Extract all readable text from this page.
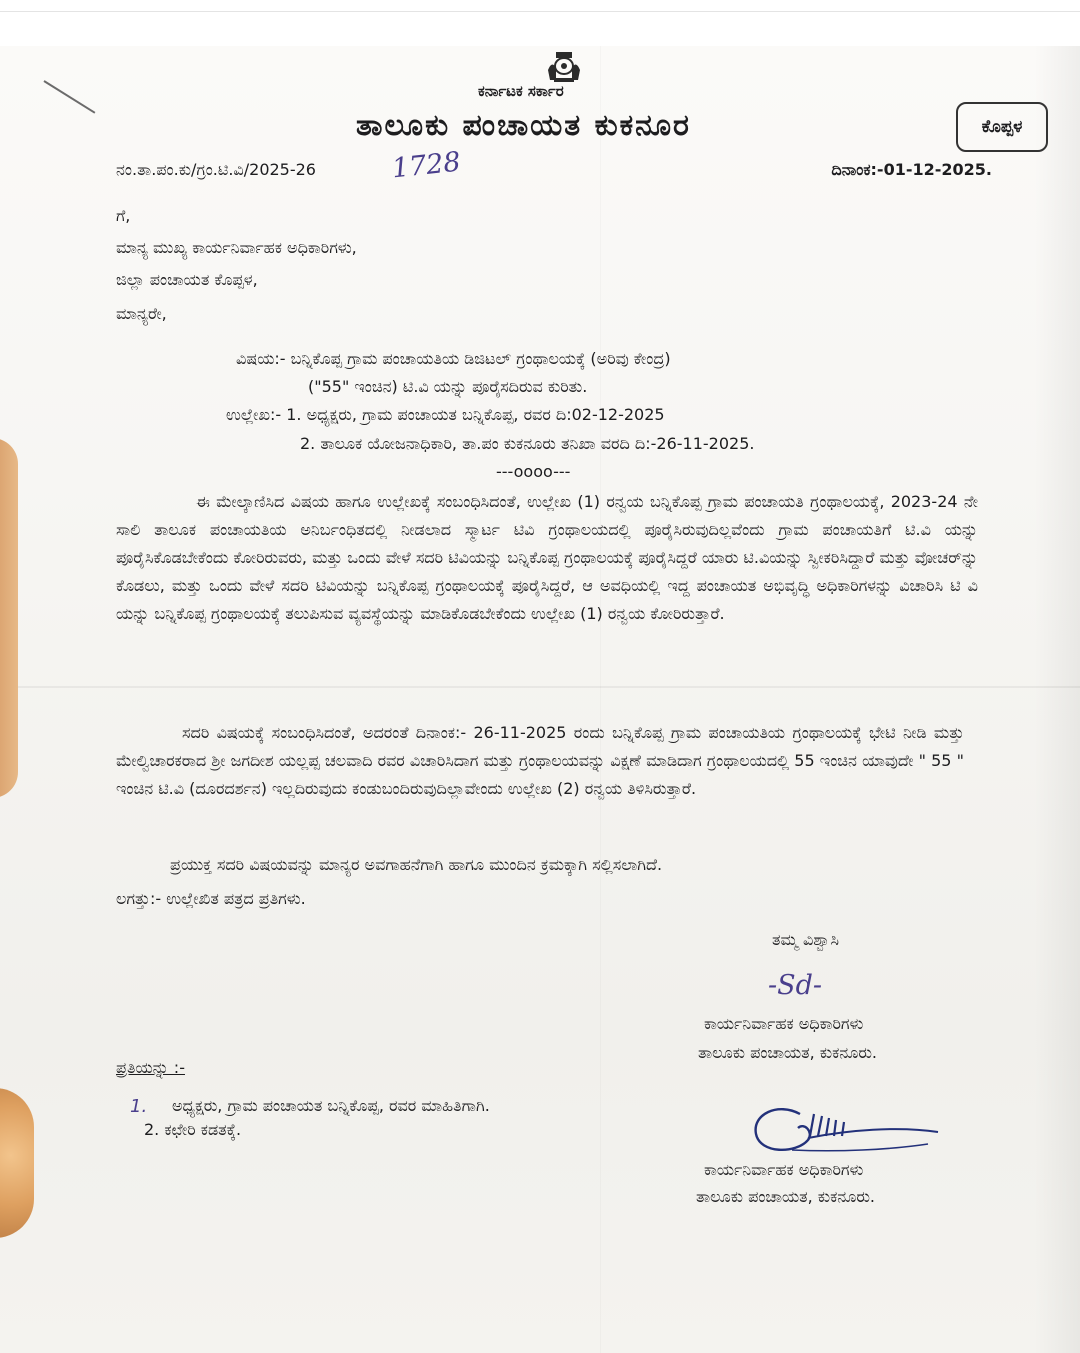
ಕರ್ನಾಟಕ ಸರ್ಕಾರ
ತಾಲೂಕು ಪಂಚಾಯತ ಕುಕನೂರ	ಕೊಪ್ಪಳ
ನಂ.ತಾ.ಪಂ.ಕು/ಗ್ರಂ.ಟಿ.ವಿ/2025-26	1728	ದಿನಾಂಕ:-01-12-2025.
ಗೆ,
ಮಾನ್ಯ ಮುಖ್ಯ ಕಾರ್ಯನಿರ್ವಾಹಕ ಅಧಿಕಾರಿಗಳು,
ಜಿಲ್ಲಾ ಪಂಚಾಯತ ಕೊಪ್ಪಳ,
ಮಾನ್ಯರೇ,
ವಿಷಯ:- ಬನ್ನಿಕೊಪ್ಪ ಗ್ರಾಮ ಪಂಚಾಯತಿಯ ಡಿಜಿಟಲ್ ಗ್ರಂಥಾಲಯಕ್ಕೆ (ಅರಿವು ಕೇಂದ್ರ)
("55" ಇಂಚಿನ) ಟಿ.ವಿ ಯನ್ನು ಪೂರೈಸದಿರುವ ಕುರಿತು.
ಉಲ್ಲೇಖ:- 1. ಅಧ್ಯಕ್ಷರು, ಗ್ರಾಮ ಪಂಚಾಯತ ಬನ್ನಿಕೊಪ್ಪ, ರವರ ದಿ:02-12-2025
2. ತಾಲೂಕ ಯೋಜನಾಧಿಕಾರಿ, ತಾ.ಪಂ ಕುಕನೂರು ತನಿಖಾ ವರದಿ ದಿ:-26-11-2025.
---oooo---
ಈ ಮೇಲ್ಕಾಣಿಸಿದ ವಿಷಯ ಹಾಗೂ ಉಲ್ಲೇಖಕ್ಕೆ ಸಂಬಂಧಿಸಿದಂತೆ, ಉಲ್ಲೇಖ (1) ರನ್ವಯ ಬನ್ನಿಕೊಪ್ಪ ಗ್ರಾಮ ಪಂಚಾಯತಿ ಗ್ರಂಥಾಲಯಕ್ಕೆ, 2023-24 ನೇ ಸಾಲಿ ತಾಲೂಕ ಪಂಚಾಯತಿಯ ಅನಿರ್ಬಂಧಿತದಲ್ಲಿ ನೀಡಲಾದ ಸ್ಮಾರ್ಟ ಟಿವಿ ಗ್ರಂಥಾಲಯದಲ್ಲಿ ಪೂರೈಸಿರುವುದಿಲ್ಲವೆಂದು ಗ್ರಾಮ ಪಂಚಾಯತಿಗೆ ಟಿ.ವಿ ಯನ್ನು ಪೂರೈಸಿಕೊಡಬೇಕೆಂದು ಕೋರಿರುವರು, ಮತ್ತು ಒಂದು ವೇಳೆ ಸದರಿ ಟಿವಿಯನ್ನು ಬನ್ನಿಕೊಪ್ಪ ಗ್ರಂಥಾಲಯಕ್ಕೆ ಪೂರೈಸಿದ್ದರೆ ಯಾರು ಟಿ.ವಿಯನ್ನು ಸ್ವೀಕರಿಸಿದ್ದಾರೆ ಮತ್ತು ವೋಚರ್‌ನ್ನು ಕೊಡಲು, ಮತ್ತು ಒಂದು ವೇಳೆ ಸದರಿ ಟಿವಿಯನ್ನು ಬನ್ನಿಕೊಪ್ಪ ಗ್ರಂಥಾಲಯಕ್ಕೆ ಪೂರೈಸಿದ್ದರೆ, ಆ ಅವಧಿಯಲ್ಲಿ ಇದ್ದ ಪಂಚಾಯತ ಅಭಿವೃದ್ಧಿ ಅಧಿಕಾರಿಗಳನ್ನು ವಿಚಾರಿಸಿ ಟಿ ವಿ ಯನ್ನು ಬನ್ನಿಕೊಪ್ಪ ಗ್ರಂಥಾಲಯಕ್ಕೆ ತಲುಪಿಸುವ ವ್ಯವಸ್ಥೆಯನ್ನು ಮಾಡಿಕೊಡಬೇಕೆಂದು ಉಲ್ಲೇಖ (1) ರನ್ವಯ ಕೋರಿರುತ್ತಾರೆ.
ಸದರಿ ವಿಷಯಕ್ಕೆ ಸಂಬಂಧಿಸಿದಂತೆ, ಅದರಂತೆ ದಿನಾಂಕ:- 26-11-2025 ರಂದು ಬನ್ನಿಕೊಪ್ಪ ಗ್ರಾಮ ಪಂಚಾಯತಿಯ ಗ್ರಂಥಾಲಯಕ್ಕೆ ಭೇಟಿ ನೀಡಿ ಮತ್ತು ಮೇಲ್ವಿಚಾರಕರಾದ ಶ್ರೀ ಜಗದೀಶ ಯಲ್ಲಪ್ಪ ಚಲವಾದಿ ರವರ ವಿಚಾರಿಸಿದಾಗ ಮತ್ತು ಗ್ರಂಥಾಲಯವನ್ನು ವಿಕ್ಷಣೆ ಮಾಡಿದಾಗ ಗ್ರಂಥಾಲಯದಲ್ಲಿ 55 ಇಂಚಿನ ಯಾವುದೇ " 55 " ಇಂಚಿನ ಟಿ.ವಿ (ದೂರದರ್ಶನ) ಇಲ್ಲದಿರುವುದು ಕಂಡುಬಂದಿರುವುದಿಲ್ಲಾವೇಂದು ಉಲ್ಲೇಖ (2) ರನ್ವಯ ತಿಳಿಸಿರುತ್ತಾರೆ.
ಪ್ರಯುಕ್ತ ಸದರಿ ವಿಷಯವನ್ನು ಮಾನ್ಯರ ಅವಗಾಹನೆಗಾಗಿ ಹಾಗೂ ಮುಂದಿನ ಕ್ರಮಕ್ಕಾಗಿ ಸಲ್ಲಿಸಲಾಗಿದೆ.
ಲಗತ್ತು:- ಉಲ್ಲೇಖಿತ ಪತ್ರದ ಪ್ರತಿಗಳು.
ತಮ್ಮ ವಿಶ್ವಾಸಿ
-Sd-
ಕಾರ್ಯನಿರ್ವಾಹಕ ಅಧಿಕಾರಿಗಳು
ತಾಲೂಕು ಪಂಚಾಯತ, ಕುಕನೂರು.
ಪ್ರತಿಯನ್ನು :-
1. ಅಧ್ಯಕ್ಷರು, ಗ್ರಾಮ ಪಂಚಾಯತ ಬನ್ನಿಕೊಪ್ಪ, ರವರ ಮಾಹಿತಿಗಾಗಿ.
2. ಕಛೇರಿ ಕಡತಕ್ಕೆ.
ಕಾರ್ಯನಿರ್ವಾಹಕ ಅಧಿಕಾರಿಗಳು
ತಾಲೂಕು ಪಂಚಾಯತ, ಕುಕನೂರು.
